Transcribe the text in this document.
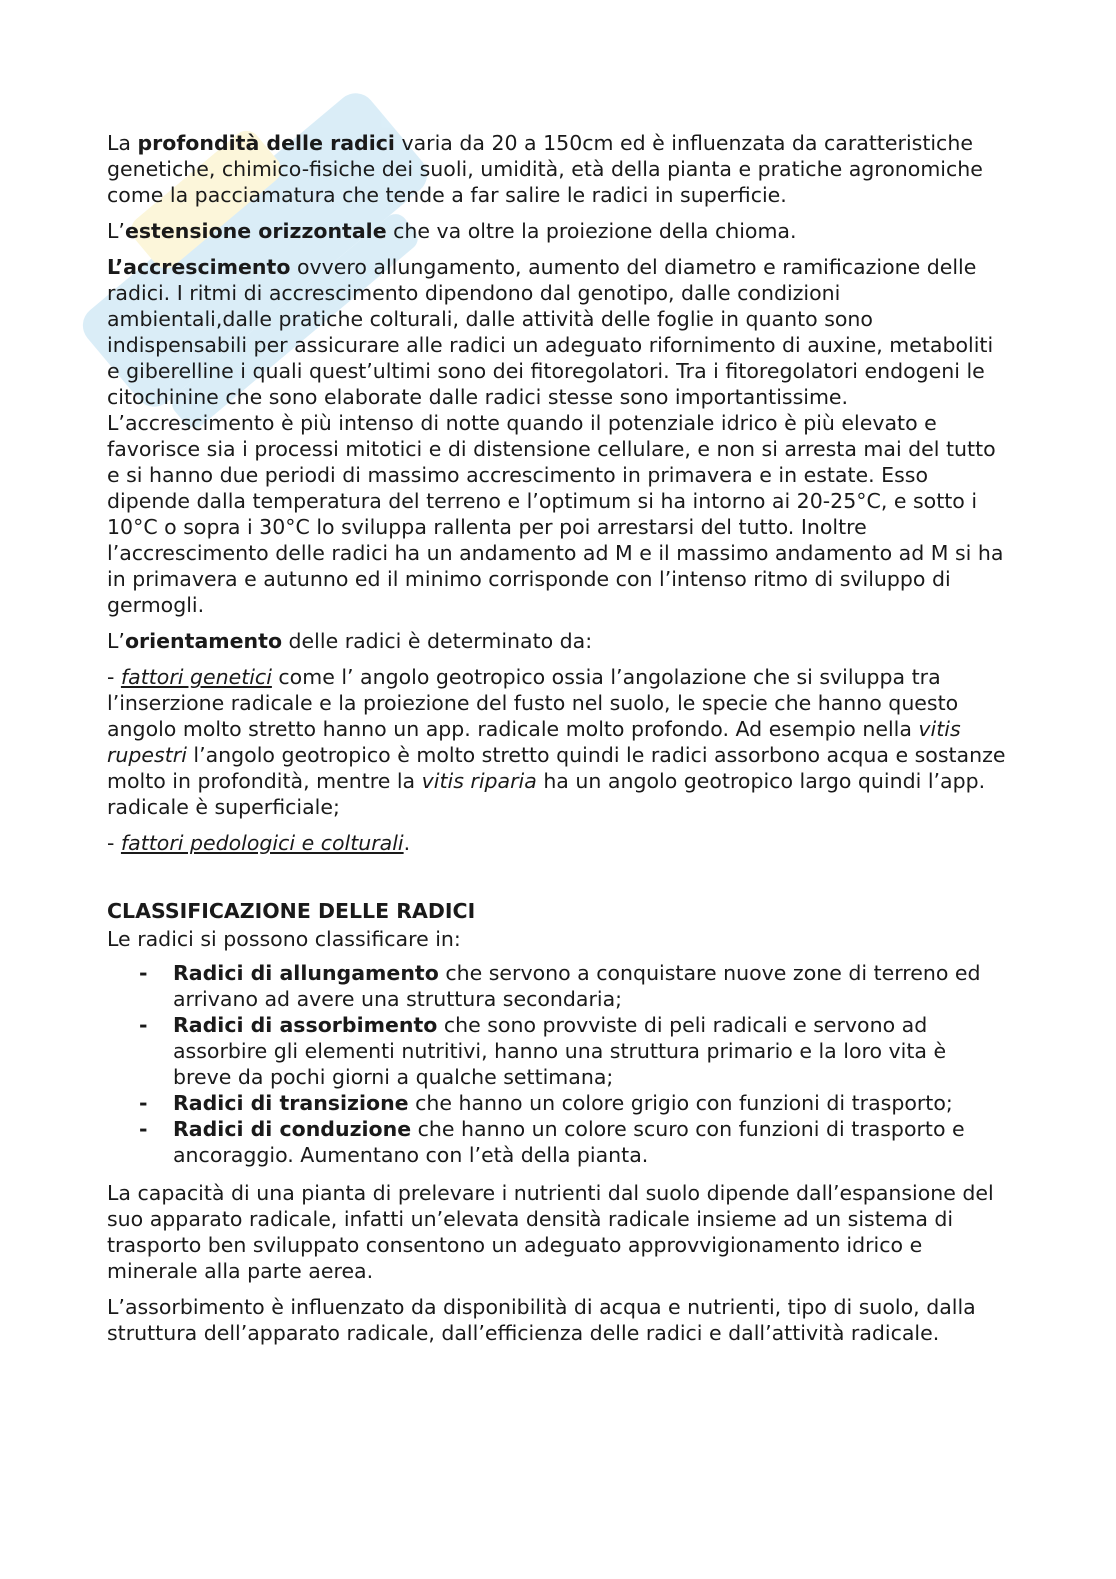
La profondità delle radici varia da 20 a 150cm ed è influenzata da caratteristiche genetiche, chimico-fisiche dei suoli, umidità, età della pianta e pratiche agronomiche come la pacciamatura che tende a far salire le radici in superficie.

L’estensione orizzontale che va oltre la proiezione della chioma.

L’accrescimento ovvero allungamento, aumento del diametro e ramificazione delle radici. I ritmi di accrescimento dipendono dal genotipo, dalle condizioni ambientali,dalle pratiche colturali, dalle attività delle foglie in quanto sono indispensabili per assicurare alle radici un adeguato rifornimento di auxine, metaboliti e giberelline i quali quest’ultimi sono dei fitoregolatori. Tra i fitoregolatori endogeni le citochinine che sono elaborate dalle radici stesse sono importantissime. L’accrescimento è più intenso di notte quando il potenziale idrico è più elevato e favorisce sia i processi mitotici e di distensione cellulare, e non si arresta mai del tutto e si hanno due periodi di massimo accrescimento in primavera e in estate. Esso dipende dalla temperatura del terreno e l’optimum si ha intorno ai 20-25°C, e sotto i 10°C o sopra i 30°C lo sviluppa rallenta per poi arrestarsi del tutto. Inoltre l’accrescimento delle radici ha un andamento ad M e il massimo andamento ad M si ha in primavera e autunno ed il minimo corrisponde con l’intenso ritmo di sviluppo di germogli.

L’orientamento delle radici è determinato da:

- fattori genetici come l’ angolo geotropico ossia l’angolazione che si sviluppa tra l’inserzione radicale e la proiezione del fusto nel suolo, le specie che hanno questo angolo molto stretto hanno un app. radicale molto profondo. Ad esempio nella vitis rupestri l’angolo geotropico è molto stretto quindi le radici assorbono acqua e sostanze molto in profondità, mentre la vitis riparia ha un angolo geotropico largo quindi l’app. radicale è superficiale;

- fattori pedologici e colturali.

CLASSIFICAZIONE DELLE RADICI
Le radici si possono classificare in:
- Radici di allungamento che servono a conquistare nuove zone di terreno ed arrivano ad avere una struttura secondaria;
- Radici di assorbimento che sono provviste di peli radicali e servono ad assorbire gli elementi nutritivi, hanno una struttura primario e la loro vita è breve da pochi giorni a qualche settimana;
- Radici di transizione che hanno un colore grigio con funzioni di trasporto;
- Radici di conduzione che hanno un colore scuro con funzioni di trasporto e ancoraggio. Aumentano con l’età della pianta.

La capacità di una pianta di prelevare i nutrienti dal suolo dipende dall’espansione del suo apparato radicale, infatti un’elevata densità radicale insieme ad un sistema di trasporto ben sviluppato consentono un adeguato approvvigionamento idrico e minerale alla parte aerea.

L’assorbimento è influenzato da disponibilità di acqua e nutrienti, tipo di suolo, dalla struttura dell’apparato radicale, dall’efficienza delle radici e dall’attività radicale.
